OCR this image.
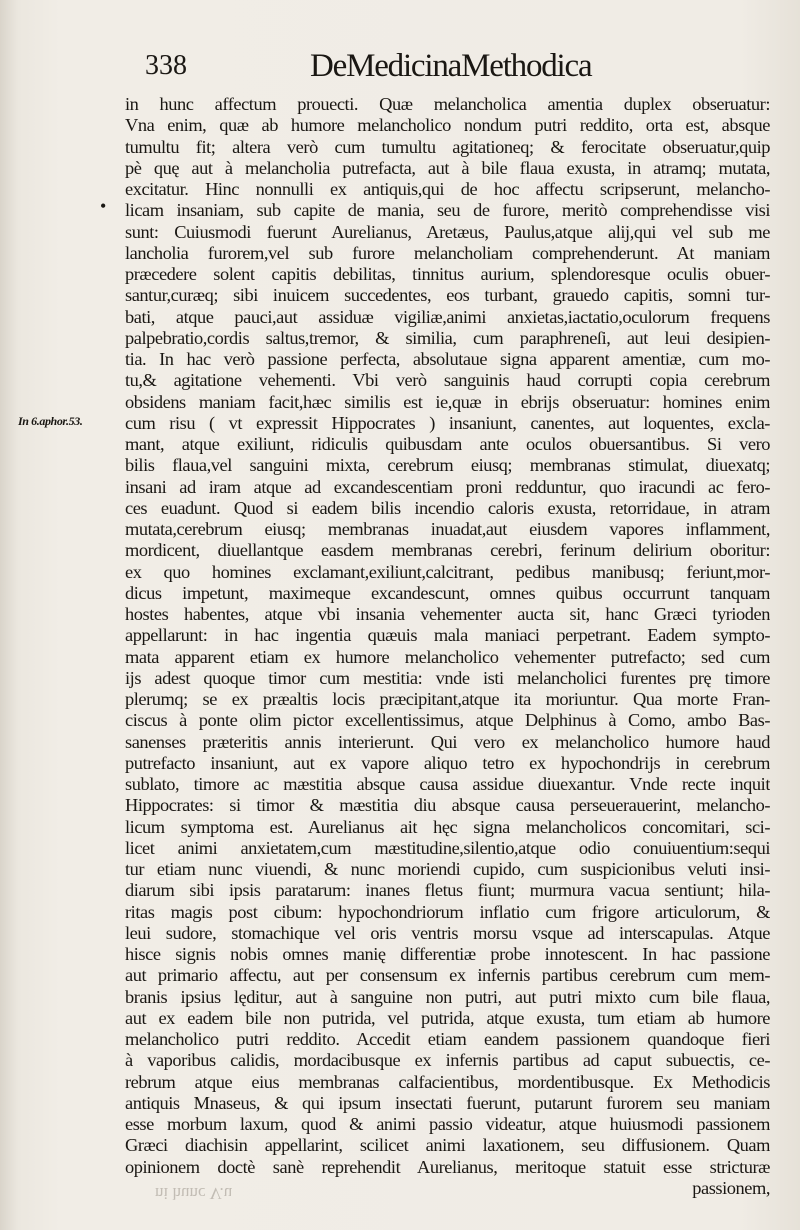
338	DeMedicinaMethodica
•
In 6.aphor.53.
in hunc affectum prouecti. Quæ melancholica amentia duplex obseruatur:
Vna enim, quæ ab humore melancholico nondum putri reddito, orta est, absque
tumultu fit; altera verò cum tumultu agitationeq; & ferocitate obseruatur,quip
pè quę aut à melancholia putrefacta, aut à bile flaua exusta, in atramq; mutata,
excitatur. Hinc nonnulli ex antiquis,qui de hoc affectu scripserunt, melancho-
licam insaniam, sub capite de mania, seu de furore, meritò comprehendisse visi
sunt: Cuiusmodi fuerunt Aurelianus, Aretæus, Paulus,atque alij,qui vel sub me
lancholia furorem,vel sub furore melancholiam comprehenderunt. At maniam
præcedere solent capitis debilitas, tinnitus aurium, splendoresque oculis obuer-
santur,curæq; sibi inuicem succedentes, eos turbant, grauedo capitis, somni tur-
bati, atque pauci,aut assiduæ vigiliæ,animi anxietas,iactatio,oculorum frequens
palpebratio,cordis saltus,tremor, & similia, cum paraphreneſi, aut leui desipien-
tia. In hac verò passione perfecta, absolutaue signa apparent amentiæ, cum mo-
tu,& agitatione vehementi. Vbi verò sanguinis haud corrupti copia cerebrum
obsidens maniam facit,hæc similis est ie,quæ in ebrijs obseruatur: homines enim
cum risu ( vt expressit Hippocrates ) insaniunt, canentes, aut loquentes, excla-
mant, atque exiliunt, ridiculis quibusdam ante oculos obuersantibus. Si vero
bilis flaua,vel sanguini mixta, cerebrum eiusq; membranas stimulat, diuexatq;
insani ad iram atque ad excandescentiam proni redduntur, quo iracundi ac fero-
ces euadunt. Quod si eadem bilis incendio caloris exusta, retorridaue, in atram
mutata,cerebrum eiusq; membranas inuadat,aut eiusdem vapores inflamment,
mordicent, diuellantque easdem membranas cerebri, ferinum delirium oboritur:
ex quo homines exclamant,exiliunt,calcitrant, pedibus manibusq; feriunt,mor-
dicus impetunt, maximeque excandescunt, omnes quibus occurrunt tanquam
hostes habentes, atque vbi insania vehementer aucta sit, hanc Græci tyrioden
appellarunt: in hac ingentia quæuis mala maniaci perpetrant. Eadem sympto-
mata apparent etiam ex humore melancholico vehementer putrefacto; sed cum
ijs adest quoque timor cum mestitia: vnde isti melancholici furentes prę timore
plerumq; se ex præaltis locis præcipitant,atque ita moriuntur. Qua morte Fran-
ciscus à ponte olim pictor excellentissimus, atque Delphinus à Como, ambo Bas-
sanenses præteritis annis interierunt. Qui vero ex melancholico humore haud
putrefacto insaniunt, aut ex vapore aliquo tetro ex hypochondrijs in cerebrum
sublato, timore ac mæstitia absque causa assidue diuexantur. Vnde recte inquit
Hippocrates: si timor & mæstitia diu absque causa perseuerauerint, melancho-
licum symptoma est. Aurelianus ait hęc signa melancholicos concomitari, sci-
licet animi anxietatem,cum mæstitudine,silentio,atque odio conuiuentium:sequi
tur etiam nunc viuendi, & nunc moriendi cupido, cum suspicionibus veluti insi-
diarum sibi ipsis paratarum: inanes fletus fiunt; murmura vacua sentiunt; hila-
ritas magis post cibum: hypochondriorum inflatio cum frigore articulorum, &
leui sudore, stomachique vel oris ventris morsu vsque ad interscapulas. Atque
hisce signis nobis omnes manię differentiæ probe innotescent. In hac passione
aut primario affectu, aut per consensum ex infernis partibus cerebrum cum mem-
branis ipsius lęditur, aut à sanguine non putri, aut putri mixto cum bile flaua,
aut ex eadem bile non putrida, vel putrida, atque exusta, tum etiam ab humore
melancholico putri reddito. Accedit etiam eandem passionem quandoque fieri
à vaporibus calidis, mordacibusque ex infernis partibus ad caput subuectis, ce-
rebrum atque eius membranas calfacientibus, mordentibusque. Ex Methodicis
antiquis Mnaseus, & qui ipsum insectati fuerunt, putarunt furorem seu maniam
esse morbum laxum, quod & animi passio videatur, atque huiusmodi passionem
Græci diachisin appellarint, scilicet animi laxationem, seu diffusionem. Quam
opinionem doctè sanè reprehendit Aurelianus, meritoque statuit esse stricturæ
passionem,
ni hunc V.u
